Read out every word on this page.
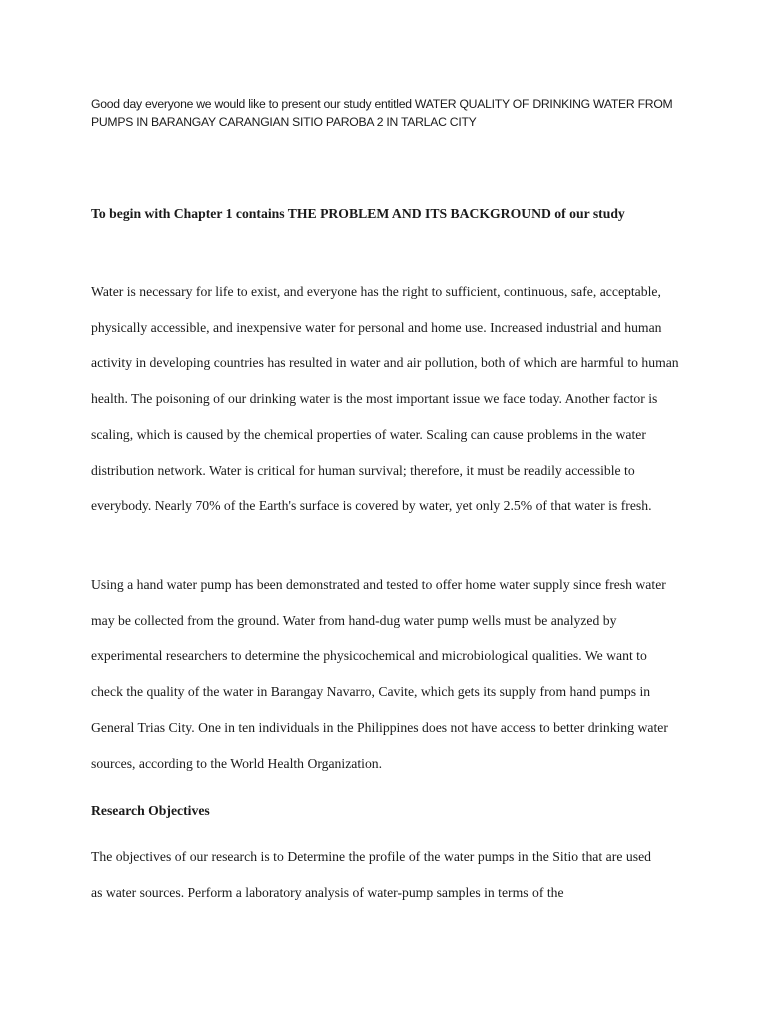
Good day everyone we would like to present our study entitled WATER QUALITY OF DRINKING WATER FROM PUMPS IN BARANGAY CARANGIAN SITIO PAROBA 2 IN TARLAC CITY

To begin with Chapter 1 contains THE PROBLEM AND ITS BACKGROUND of our study

Water is necessary for life to exist, and everyone has the right to sufficient, continuous, safe, acceptable, physically accessible, and inexpensive water for personal and home use. Increased industrial and human activity in developing countries has resulted in water and air pollution, both of which are harmful to human health. The poisoning of our drinking water is the most important issue we face today. Another factor is scaling, which is caused by the chemical properties of water. Scaling can cause problems in the water distribution network. Water is critical for human survival; therefore, it must be readily accessible to everybody. Nearly 70% of the Earth's surface is covered by water, yet only 2.5% of that water is fresh.

Using a hand water pump has been demonstrated and tested to offer home water supply since fresh water may be collected from the ground. Water from hand-dug water pump wells must be analyzed by experimental researchers to determine the physicochemical and microbiological qualities. We want to check the quality of the water in Barangay Navarro, Cavite, which gets its supply from hand pumps in General Trias City. One in ten individuals in the Philippines does not have access to better drinking water sources, according to the World Health Organization.

Research Objectives

The objectives of our research is to Determine the profile of the water pumps in the Sitio that are used as water sources. Perform a laboratory analysis of water-pump samples in terms of the
